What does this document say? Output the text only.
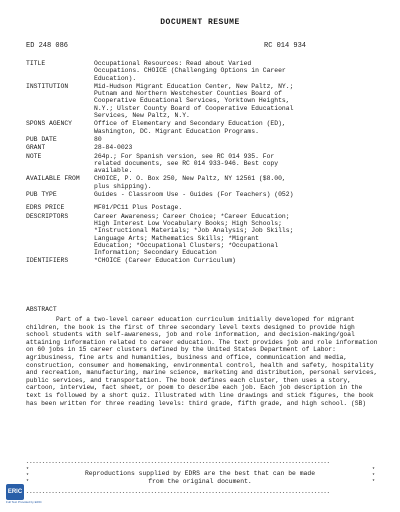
DOCUMENT RESUME
ED 248 086	RC 014 934
TITLE	Occupational Resources: Read about Varied
Occupations. CHOICE (Challenging Options in Career
Education).
INSTITUTION	Mid-Hudson Migrant Education Center, New Paltz, NY.;
Putnam and Northern Westchester Counties Board of
Cooperative Educational Services, Yorktown Heights,
N.Y.; Ulster County Board of Cooperative Educational
Services, New Paltz, N.Y.
SPONS AGENCY	Office of Elementary and Secondary Education (ED),
Washington, DC. Migrant Education Programs.
PUB DATE	80
GRANT	28-84-0023
NOTE	264p.; For Spanish version, see RC 014 935. For
related documents, see RC 014 933-946. Best copy
available.
AVAILABLE FROM	CHOICE, P. O. Box 250, New Paltz, NY 12561 ($8.00,
plus shipping).
PUB TYPE	Guides - Classroom Use - Guides (For Teachers) (052)
EDRS PRICE	MF01/PC11 Plus Postage.
DESCRIPTORS	Career Awareness; Career Choice; *Career Education;
High Interest Low Vocabulary Books; High Schools;
*Instructional Materials; *Job Analysis; Job Skills;
Language Arts; Mathematics Skills; *Migrant
Education; *Occupational Clusters; *Occupational
Information; Secondary Education
IDENTIFIERS	*CHOICE (Career Education Curriculum)
ABSTRACT

Part of a two-level career education curriculum initially developed for migrant children, the book is the first of three secondary level texts designed to provide high school students with self-awareness, job and role information, and decision-making/goal attaining information related to career education. The text provides job and role information on 60 jobs in 15 career clusters defined by the United States Department of Labor: agribusiness, fine arts and humanities, business and office, communication and media, construction, consumer and homemaking, environmental control, health and safety, hospitality and recreation, manufacturing, marine science, marketing and distribution, personal services, public services, and transportation. The book defines each cluster, then uses a story, cartoon, interview, fact sheet, or poem to describe each job. Each job description in the text is followed by a short quiz. Illustrated with line drawings and stick figures, the book has been written for three reading levels: third grade, fifth grade, and high school. (SB)

***********************************************************************************************
*
*
*
*
*
*
Reproductions supplied by EDRS are the best that can be made
from the original document.
***********************************************************************************************
ERIC
Full Text Provided by ERIC
